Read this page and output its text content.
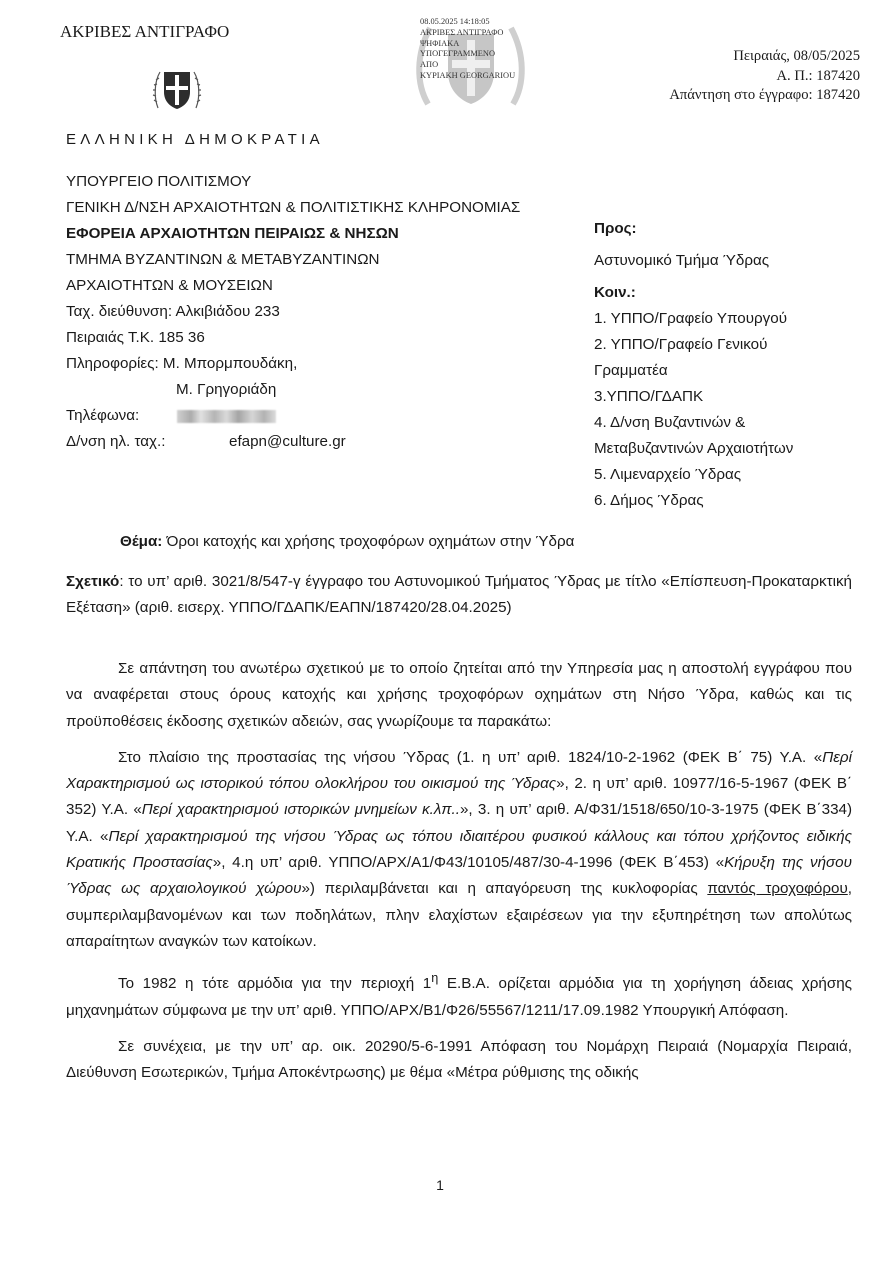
ΑΚΡΙΒΕΣ ΑΝΤΙΓΡΑΦΟ
08.05.2025 14:18:05
ΑΚΡΙΒΕΣ ΑΝΤΙΓΡΑΦΟ
ΨΗΦΙΑΚΑ
ΥΠΟΓΕΓΡΑΜΜΕΝΟ
ΑΠΟ
ΚΥΡΙΑΚΗ GEORGARIOU
Πειραιάς, 08/05/2025
Α. Π.: 187420
Απάντηση στο έγγραφο: 187420
ΕΛΛΗΝΙΚΗ ΔΗΜΟΚΡΑΤΙΑ
ΥΠΟΥΡΓΕΙΟ ΠΟΛΙΤΙΣΜΟΥ
ΓΕΝΙΚΗ Δ/ΝΣΗ ΑΡΧΑΙΟΤΗΤΩΝ & ΠΟΛΙΤΙΣΤΙΚΗΣ ΚΛΗΡΟΝΟΜΙΑΣ
ΕΦΟΡΕΙΑ ΑΡΧΑΙΟΤΗΤΩΝ ΠΕΙΡΑΙΩΣ & ΝΗΣΩΝ
ΤΜΗΜΑ ΒΥΖΑΝΤΙΝΩΝ & ΜΕΤΑΒΥΖΑΝΤΙΝΩΝ
ΑΡΧΑΙΟΤΗΤΩΝ & ΜΟΥΣΕΙΩΝ
Ταχ. διεύθυνση: Αλκιβιάδου 233
Πειραιάς Τ.Κ. 185 36
Πληροφορίες: Μ. Μπορμπουδάκη,
Μ. Γρηγοριάδη
Τηλέφωνα:
Δ/νση ηλ. ταχ.:	efapn@culture.gr
Προς:
Αστυνομικό Τμήμα Ύδρας
Κοιν.:
1. ΥΠΠΟ/Γραφείο Υπουργού
2. ΥΠΠΟ/Γραφείο Γενικού
Γραμματέα
3.ΥΠΠΟ/ΓΔΑΠΚ
4. Δ/νση Βυζαντινών &
Μεταβυζαντινών Αρχαιοτήτων
5. Λιμεναρχείο Ύδρας
6. Δήμος Ύδρας
Θέμα: Όροι κατοχής και χρήσης τροχοφόρων οχημάτων στην Ύδρα
Σχετικό: το υπ’ αριθ. 3021/8/547-γ έγγραφο του Αστυνομικού Τμήματος Ύδρας με τίτλο «Επίσπευση-Προκαταρκτική Εξέταση» (αριθ. εισερχ. ΥΠΠΟ/ΓΔΑΠΚ/ΕΑΠΝ/187420/28.04.2025)

Σε απάντηση του ανωτέρω σχετικού με το οποίο ζητείται από την Υπηρεσία μας η αποστολή εγγράφου που να αναφέρεται στους όρους κατοχής και χρήσης τροχοφόρων οχημάτων στη Νήσο Ύδρα, καθώς και τις προϋποθέσεις έκδοσης σχετικών αδειών, σας γνωρίζουμε τα παρακάτω:

Στο πλαίσιο της προστασίας της νήσου Ύδρας (1. η υπ’ αριθ. 1824/10-2-1962 (ΦΕΚ Β΄ 75) Υ.Α. «Περί Χαρακτηρισμού ως ιστορικού τόπου ολοκλήρου του οικισμού της Ύδρας», 2. η υπ’ αριθ. 10977/16-5-1967 (ΦΕΚ Β΄ 352) Υ.Α. «Περί χαρακτηρισμού ιστορικών μνημείων κ.λπ..», 3. η υπ’ αριθ. Α/Φ31/1518/650/10-3-1975 (ΦΕΚ Β΄334) Υ.Α. «Περί χαρακτηρισμού της νήσου Ύδρας ως τόπου ιδιαιτέρου φυσικού κάλλους και τόπου χρήζοντος ειδικής Κρατικής Προστασίας», 4.η υπ’ αριθ. ΥΠΠΟ/ΑΡΧ/Α1/Φ43/10105/487/30-4-1996 (ΦΕΚ Β΄453) «Κήρυξη της νήσου Ύδρας ως αρχαιολογικού χώρου») περιλαμβάνεται και η απαγόρευση της κυκλοφορίας παντός τροχοφόρου, συμπεριλαμβανομένων και των ποδηλάτων, πλην ελαχίστων εξαιρέσεων για την εξυπηρέτηση των απολύτως απαραίτητων αναγκών των κατοίκων.

Το 1982 η τότε αρμόδια για την περιοχή $1^\eta$ Ε.Β.Α. ορίζεται αρμόδια για τη χορήγηση άδειας χρήσης μηχανημάτων σύμφωνα με την υπ’ αριθ. ΥΠΠΟ/ΑΡΧ/Β1/Φ26/55567/1211/17.09.1982 Υπουργική Απόφαση.

Σε συνέχεια, με την υπ’ αρ. οικ. 20290/5-6-1991 Απόφαση του Νομάρχη Πειραιά (Νομαρχία Πειραιά, Διεύθυνση Εσωτερικών, Τμήμα Αποκέντρωσης) με θέμα «Μέτρα ρύθμισης της οδικής

1
